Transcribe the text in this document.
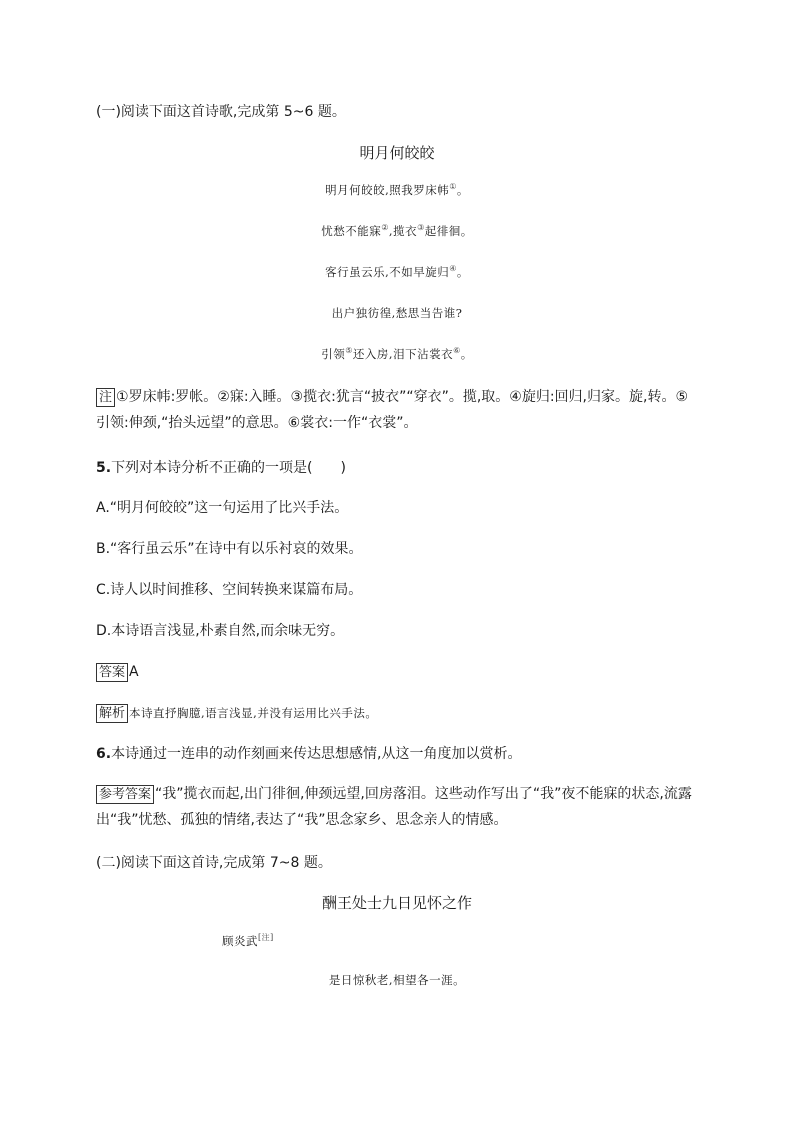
(一)阅读下面这首诗歌,完成第 5~6 题。
明月何皎皎
明月何皎皎,照我罗床帏①。
忧愁不能寐②,揽衣③起徘徊。
客行虽云乐,不如早旋归④。
出户独彷徨,愁思当告谁?
引领⑤还入房,泪下沾裳衣⑥。
注 ①罗床帏:罗帐。②寐:入睡。③揽衣:犹言“披衣”“穿衣”。揽,取。④旋归:回归,归家。旋,转。⑤引领:伸颈,“抬头远望”的意思。⑥裳衣:一作“衣裳”。
5.下列对本诗分析不正确的一项是(　　)
A.“明月何皎皎”这一句运用了比兴手法。
B.“客行虽云乐”在诗中有以乐衬哀的效果。
C.诗人以时间推移、空间转换来谋篇布局。
D.本诗语言浅显,朴素自然,而余味无穷。
答案 A
解析 本诗直抒胸臆,语言浅显,并没有运用比兴手法。
6.本诗通过一连串的动作刻画来传达思想感情,从这一角度加以赏析。
参考答案 “我”揽衣而起,出门徘徊,伸颈远望,回房落泪。这些动作写出了“我”夜不能寐的状态,流露出“我”忧愁、孤独的情绪,表达了“我”思念家乡、思念亲人的情感。
(二)阅读下面这首诗,完成第 7~8 题。
酬王处士九日见怀之作
顾炎武[注]
是日惊秋老,相望各一涯。
